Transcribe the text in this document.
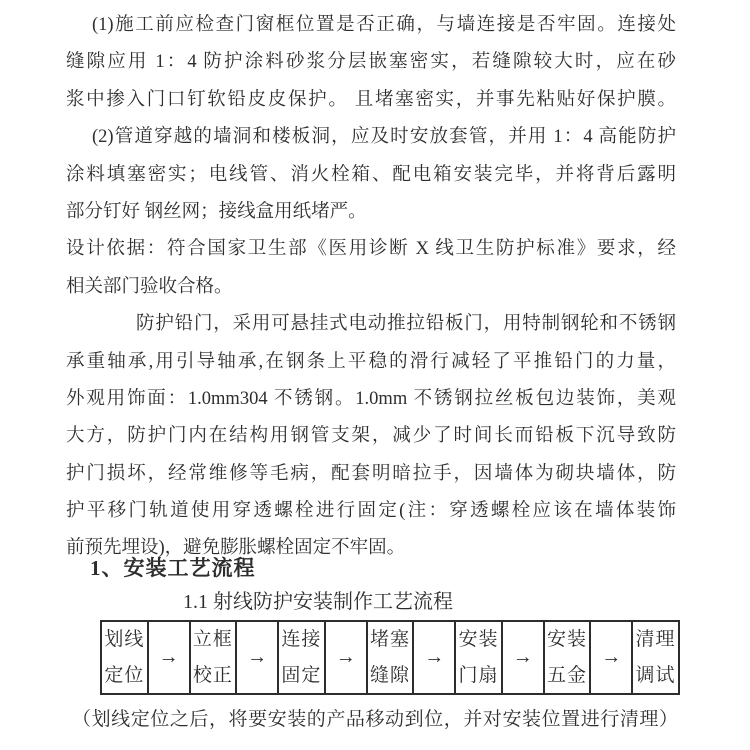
(1)施工前应检查门窗框位置是否正确，与墙连接是否牢固。连接处
缝隙应用 1：4 防护涂料砂浆分层嵌塞密实，若缝隙较大时，应在砂
浆中掺入门口钉软铅皮皮保护。 且堵塞密实，并事先粘贴好保护膜。
(2)管道穿越的墙洞和楼板洞，应及时安放套管，并用 1：4 高能防护
涂料填塞密实；电线管、消火栓箱、配电箱安装完毕，并将背后露明
部分钉好 钢丝网；接线盒用纸堵严。
设计依据：符合国家卫生部《医用诊断 X 线卫生防护标准》要求，经
相关部门验收合格。
防护铅门，采用可悬挂式电动推拉铅板门，用特制钢轮和不锈钢
承重轴承,用引导轴承,在钢条上平稳的滑行减轻了平推铅门的力量，
外观用饰面：1.0mm304 不锈钢。1.0mm 不锈钢拉丝板包边装饰，美观
大方，防护门内在结构用钢管支架，减少了时间长而铅板下沉导致防
护门损坏，经常维修等毛病，配套明暗拉手，因墙体为砌块墙体，防
护平移门轨道使用穿透螺栓进行固定(注：穿透螺栓应该在墙体装饰
前预先埋设)，避免膨胀螺栓固定不牢固。
1、安装工艺流程
1.1 射线防护安装制作工艺流程
划线
定位
→
立框
校正
→
连接
固定
→
堵塞
缝隙
→
安装
门扇
→
安装
五金
→
清理
调试
（划线定位之后，将要安装的产品移动到位，并对安装位置进行清理）
